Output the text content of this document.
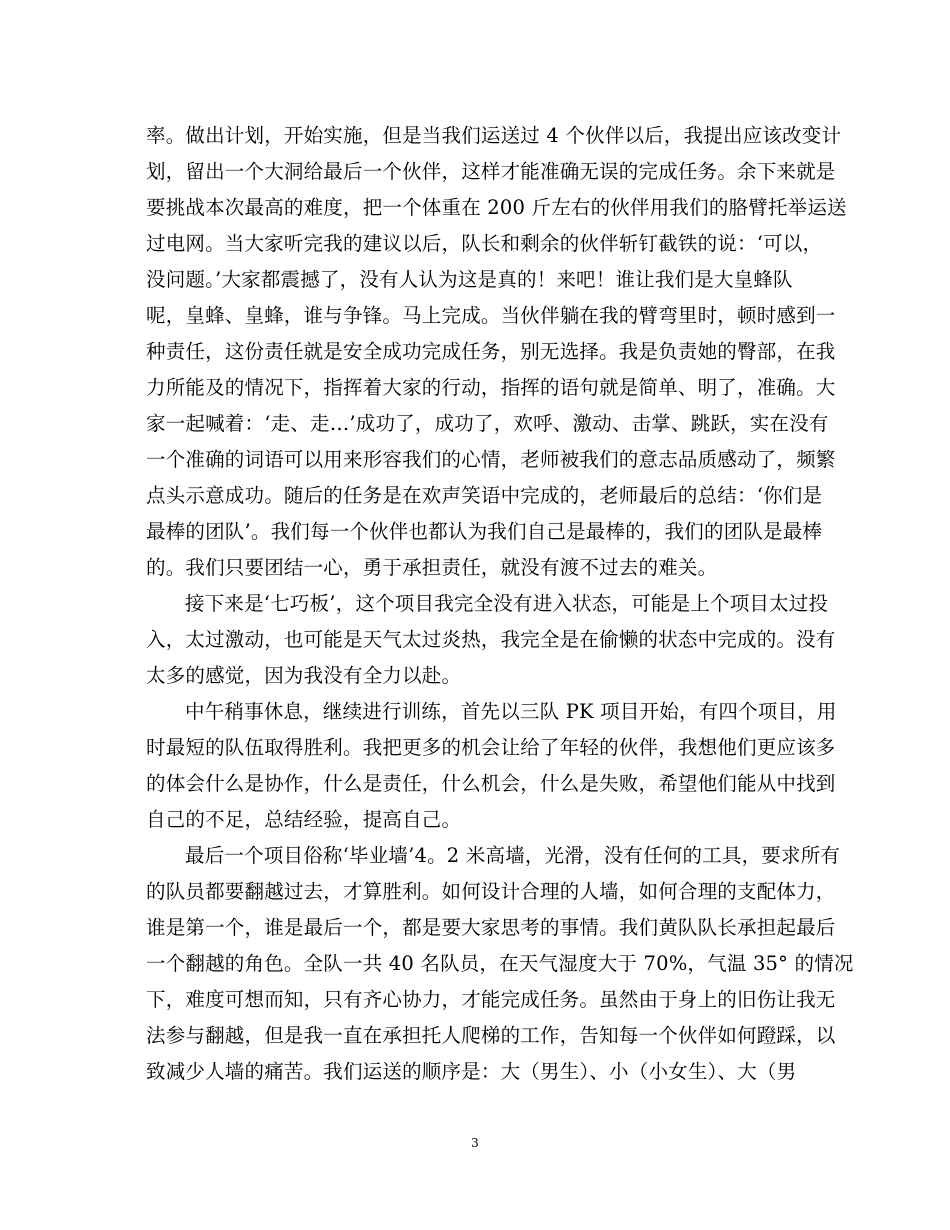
率。做出计划，开始实施，但是当我们运送过 4 个伙伴以后，我提出应该改变计
划，留出一个大洞给最后一个伙伴，这样才能准确无误的完成任务。余下来就是
要挑战本次最高的难度，把一个体重在 200 斤左右的伙伴用我们的胳臂托举运送
过电网。当大家听完我的建议以后，队长和剩余的伙伴斩钉截铁的说：‘可以，
没问题。’大家都震撼了，没有人认为这是真的！来吧！谁让我们是大皇蜂队
呢，皇蜂、皇蜂，谁与争锋。马上完成。当伙伴躺在我的臂弯里时，顿时感到一
种责任，这份责任就是安全成功完成任务，别无选择。我是负责她的臀部，在我
力所能及的情况下，指挥着大家的行动，指挥的语句就是简单、明了，准确。大
家一起喊着：‘走、走…’成功了，成功了，欢呼、激动、击掌、跳跃，实在没有
一个准确的词语可以用来形容我们的心情，老师被我们的意志品质感动了，频繁
点头示意成功。随后的任务是在欢声笑语中完成的，老师最后的总结：‘你们是
最棒的团队’。我们每一个伙伴也都认为我们自己是最棒的，我们的团队是最棒
的。我们只要团结一心，勇于承担责任，就没有渡不过去的难关。
接下来是‘七巧板’，这个项目我完全没有进入状态，可能是上个项目太过投
入，太过激动，也可能是天气太过炎热，我完全是在偷懒的状态中完成的。没有
太多的感觉，因为我没有全力以赴。
中午稍事休息，继续进行训练，首先以三队 PK 项目开始，有四个项目，用
时最短的队伍取得胜利。我把更多的机会让给了年轻的伙伴，我想他们更应该多
的体会什么是协作，什么是责任，什么机会，什么是失败，希望他们能从中找到
自己的不足，总结经验，提高自己。
最后一个项目俗称‘毕业墙’4。2 米高墙，光滑，没有任何的工具，要求所有
的队员都要翻越过去，才算胜利。如何设计合理的人墙，如何合理的支配体力，
谁是第一个，谁是最后一个，都是要大家思考的事情。我们黄队队长承担起最后
一个翻越的角色。全队一共 40 名队员，在天气湿度大于 70%，气温 35° 的情况
下，难度可想而知，只有齐心协力，才能完成任务。虽然由于身上的旧伤让我无
法参与翻越，但是我一直在承担托人爬梯的工作，告知每一个伙伴如何蹬踩，以
致减少人墙的痛苦。我们运送的顺序是：大（男生）、小（小女生）、大（男
3
